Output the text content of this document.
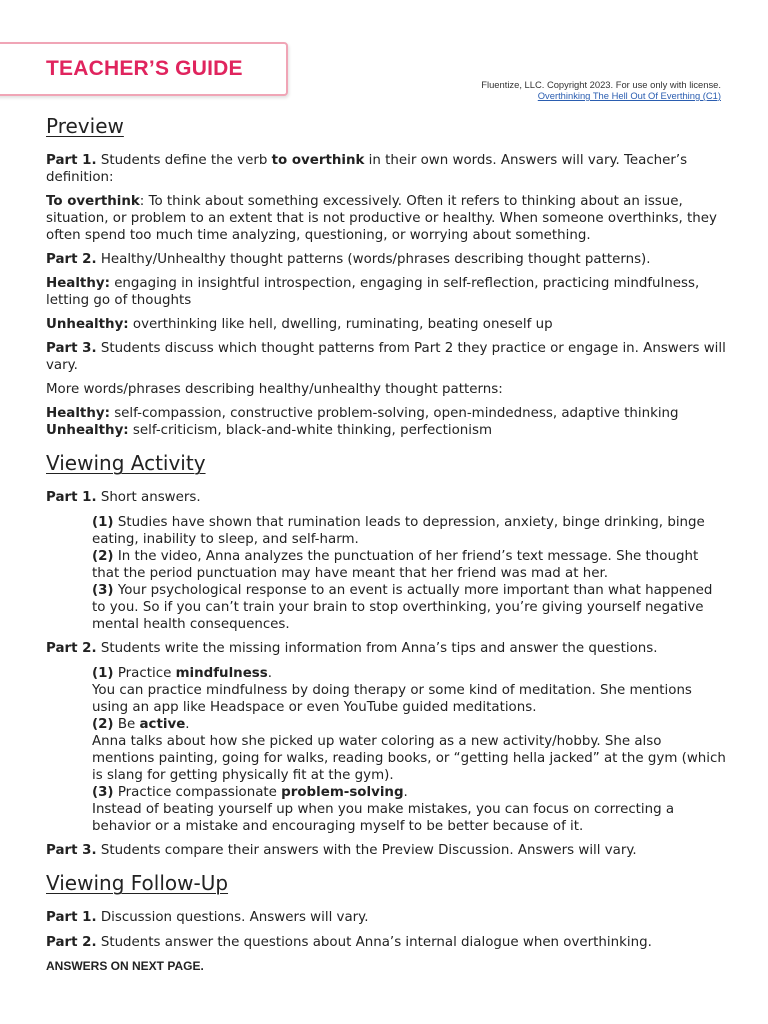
TEACHER’S GUIDE
Fluentize, LLC. Copyright 2023. For use only with license.
Overthinking The Hell Out Of Everthing (C1)
Preview

Part 1. Students define the verb to overthink in their own words. Answers will vary. Teacher’s definition:

To overthink: To think about something excessively. Often it refers to thinking about an issue, situation, or problem to an extent that is not productive or healthy. When someone overthinks, they often spend too much time analyzing, questioning, or worrying about something.

Part 2. Healthy/Unhealthy thought patterns (words/phrases describing thought patterns).

Healthy: engaging in insightful introspection, engaging in self-reflection, practicing mindfulness, letting go of thoughts

Unhealthy: overthinking like hell, dwelling, ruminating, beating oneself up

Part 3. Students discuss which thought patterns from Part 2 they practice or engage in. Answers will vary.

More words/phrases describing healthy/unhealthy thought patterns:

Healthy: self-compassion, constructive problem-solving, open-mindedness, adaptive thinking

Unhealthy: self-criticism, black-and-white thinking, perfectionism

Viewing Activity

Part 1. Short answers.

(1) Studies have shown that rumination leads to depression, anxiety, binge drinking, binge eating, inability to sleep, and self-harm.

(2) In the video, Anna analyzes the punctuation of her friend’s text message. She thought that the period punctuation may have meant that her friend was mad at her.

(3) Your psychological response to an event is actually more important than what happened to you. So if you can’t train your brain to stop overthinking, you’re giving yourself negative mental health consequences.

Part 2. Students write the missing information from Anna’s tips and answer the questions.

(1) Practice mindfulness.

You can practice mindfulness by doing therapy or some kind of meditation. She mentions using an app like Headspace or even YouTube guided meditations.

(2) Be active.

Anna talks about how she picked up water coloring as a new activity/hobby. She also mentions painting, going for walks, reading books, or “getting hella jacked” at the gym (which is slang for getting physically fit at the gym).

(3) Practice compassionate problem-solving.

Instead of beating yourself up when you make mistakes, you can focus on correcting a behavior or a mistake and encouraging myself to be better because of it.

Part 3. Students compare their answers with the Preview Discussion. Answers will vary.

Viewing Follow-Up

Part 1. Discussion questions. Answers will vary.

Part 2. Students answer the questions about Anna’s internal dialogue when overthinking.

ANSWERS ON NEXT PAGE.
